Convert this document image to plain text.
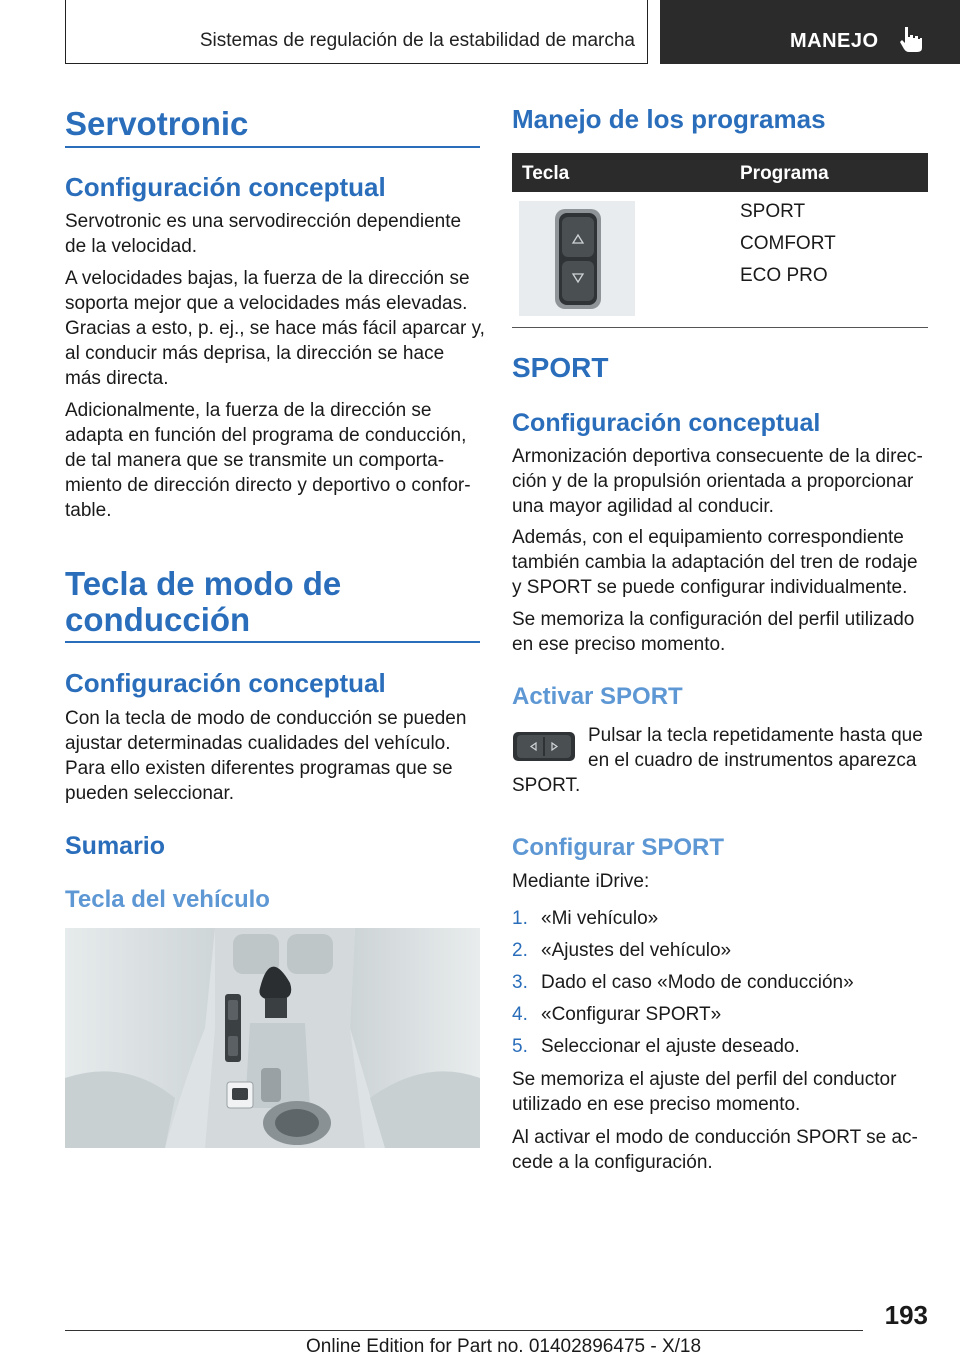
Sistemas de regulación de la estabilidad de marcha	MANEJO
Servotronic
Configuración conceptual
Servotronic es una servodirección dependiente
de la velocidad.
A velocidades bajas, la fuerza de la dirección se
soporta mejor que a velocidades más elevadas.
Gracias a esto, p. ej., se hace más fácil aparcar y,
al conducir más deprisa, la dirección se hace
más directa.
Adicionalmente, la fuerza de la dirección se
adapta en función del programa de conducción,
de tal manera que se transmite un comporta‐
miento de dirección directo y deportivo o confor‐
table.
Tecla de modo de
conducción
Configuración conceptual
Con la tecla de modo de conducción se pueden
ajustar determinadas cualidades del vehículo.
Para ello existen diferentes programas que se
pueden seleccionar.
Sumario
Tecla del vehículo
Manejo de los programas
Tecla	Programa
SPORT
COMFORT
ECO PRO
SPORT
Configuración conceptual
Armonización deportiva consecuente de la direc‐
ción y de la propulsión orientada a proporcionar
una mayor agilidad al conducir.
Además, con el equipamiento correspondiente
también cambia la adaptación del tren de rodaje
y SPORT se puede configurar individualmente.
Se memoriza la configuración del perfil utilizado
en ese preciso momento.
Activar SPORT
Pulsar la tecla repetidamente hasta que
en el cuadro de instrumentos aparezca
SPORT.
Configurar SPORT
Mediante iDrive:
1. «Mi vehículo»
2. «Ajustes del vehículo»
3. Dado el caso «Modo de conducción»
4. «Configurar SPORT»
5. Seleccionar el ajuste deseado.
Se memoriza el ajuste del perfil del conductor
utilizado en ese preciso momento.
Al activar el modo de conducción SPORT se ac‐
cede a la configuración.
193
Online Edition for Part no. 01402896475 - X/18
